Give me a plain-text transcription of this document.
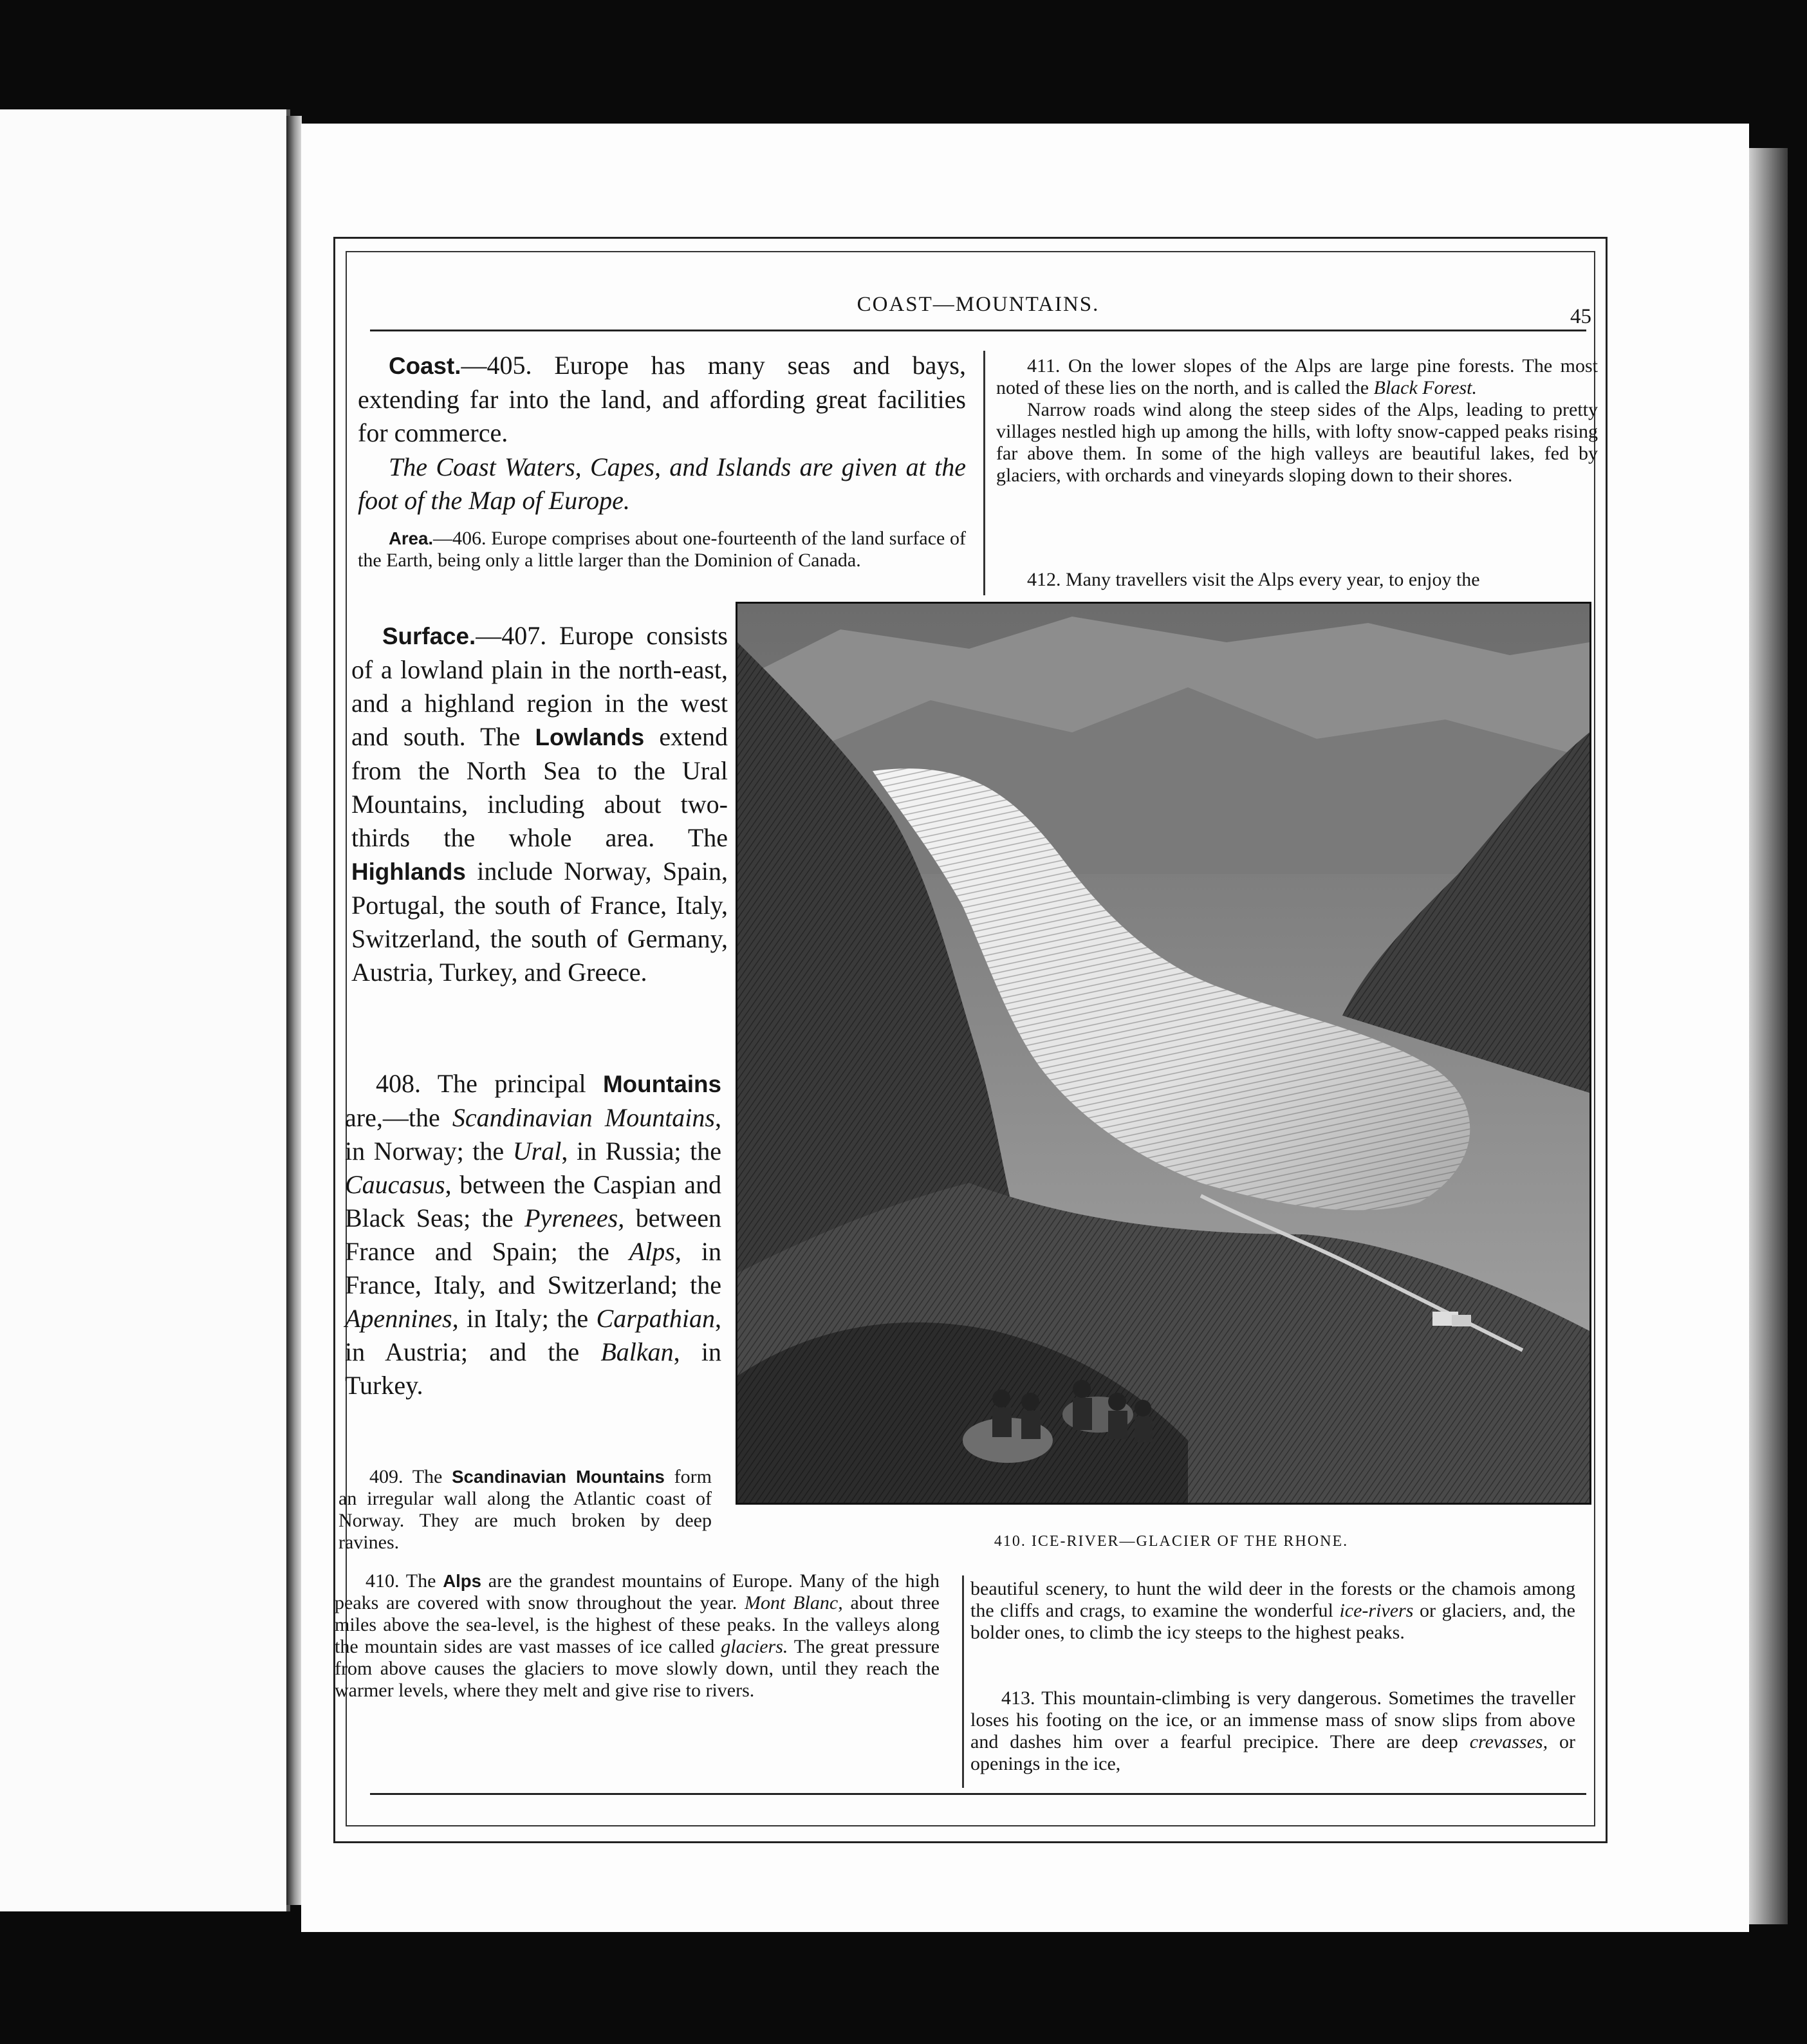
COAST—MOUNTAINS.
45
Coast.—405. Europe has many seas and bays, extending far into the land, and affording great facilities for commerce.
The Coast Waters, Capes, and Islands are given at the foot of the Map of Europe.
Area.—406. Europe comprises about one-fourteenth of the land surface of the Earth, being only a little larger than the Dominion of Canada.
Surface.—407. Europe consists of a lowland plain in the north-east, and a highland region in the west and south. The Lowlands extend from the North Sea to the Ural Mountains, including about two-thirds the whole area. The Highlands include Norway, Spain, Portugal, the south of France, Italy, Switzerland, the south of Germany, Austria, Turkey, and Greece.
408. The principal Mountains are,—the Scandinavian Mountains, in Norway; the Ural, in Russia; the Caucasus, between the Caspian and Black Seas; the Pyrenees, between France and Spain; the Alps, in France, Italy, and Switzerland; the Apennines, in Italy; the Carpathian, in Austria; and the Balkan, in Turkey.
409. The Scandinavian Mountains form an irregular wall along the Atlantic coast of Norway. They are much broken by deep ravines.
410. The Alps are the grandest mountains of Europe. Many of the high peaks are covered with snow throughout the year. Mont Blanc, about three miles above the sea-level, is the highest of these peaks. In the valleys along the mountain sides are vast masses of ice called glaciers. The great pressure from above causes the glaciers to move slowly down, until they reach the warmer levels, where they melt and give rise to rivers.

411. On the lower slopes of the Alps are large pine forests. The most noted of these lies on the north, and is called the Black Forest.

Narrow roads wind along the steep sides of the Alps, leading to pretty villages nestled high up among the hills, with lofty snow-capped peaks rising far above them. In some of the high valleys are beautiful lakes, fed by glaciers, with orchards and vineyards sloping down to their shores.

412. Many travellers visit the Alps every year, to enjoy the
410. ICE-RIVER—GLACIER OF THE RHONE.
beautiful scenery, to hunt the wild deer in the forests or the chamois among the cliffs and crags, to examine the wonderful ice-rivers or glaciers, and, the bolder ones, to climb the icy steeps to the highest peaks.
413. This mountain-climbing is very dangerous. Sometimes the traveller loses his footing on the ice, or an immense mass of snow slips from above and dashes him over a fearful precipice. There are deep crevasses, or openings in the ice,
